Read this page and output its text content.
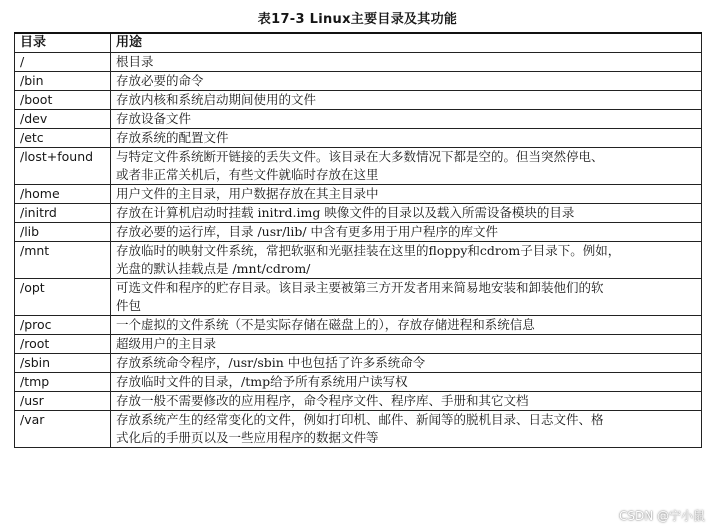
表17-3 Linux主要目录及其功能
目录	用途
/	根目录
/bin	存放必要的命令
/boot	存放内核和系统启动期间使用的文件
/dev	存放设备文件
/etc	存放系统的配置文件
/lost+found	与特定文件系统断开链接的丢失文件。该目录在大多数情况下都是空的。但当突然停电、
或者非正常关机后，有些文件就临时存放在这里
/home	用户文件的主目录，用户数据存放在其主目录中
/initrd	存放在计算机启动时挂载 initrd.img 映像文件的目录以及载入所需设备模块的目录
/lib	存放必要的运行库，目录 /usr/lib/ 中含有更多用于用户程序的库文件
/mnt	存放临时的映射文件系统，常把软驱和光驱挂装在这里的floppy和cdrom子目录下。例如，
光盘的默认挂载点是 /mnt/cdrom/
/opt	可选文件和程序的贮存目录。该目录主要被第三方开发者用来简易地安装和卸装他们的软
件包
/proc	一个虚拟的文件系统（不是实际存储在磁盘上的），存放存储进程和系统信息
/root	超级用户的主目录
/sbin	存放系统命令程序，/usr/sbin 中也包括了许多系统命令
/tmp	存放临时文件的目录，/tmp给予所有系统用户读写权
/usr	存放一般不需要修改的应用程序，命令程序文件、程序库、手册和其它文档
/var	存放系统产生的经常变化的文件，例如打印机、邮件、新闻等的脱机目录、日志文件、格
式化后的手册页以及一些应用程序的数据文件等
CSDN @宁小鼠
